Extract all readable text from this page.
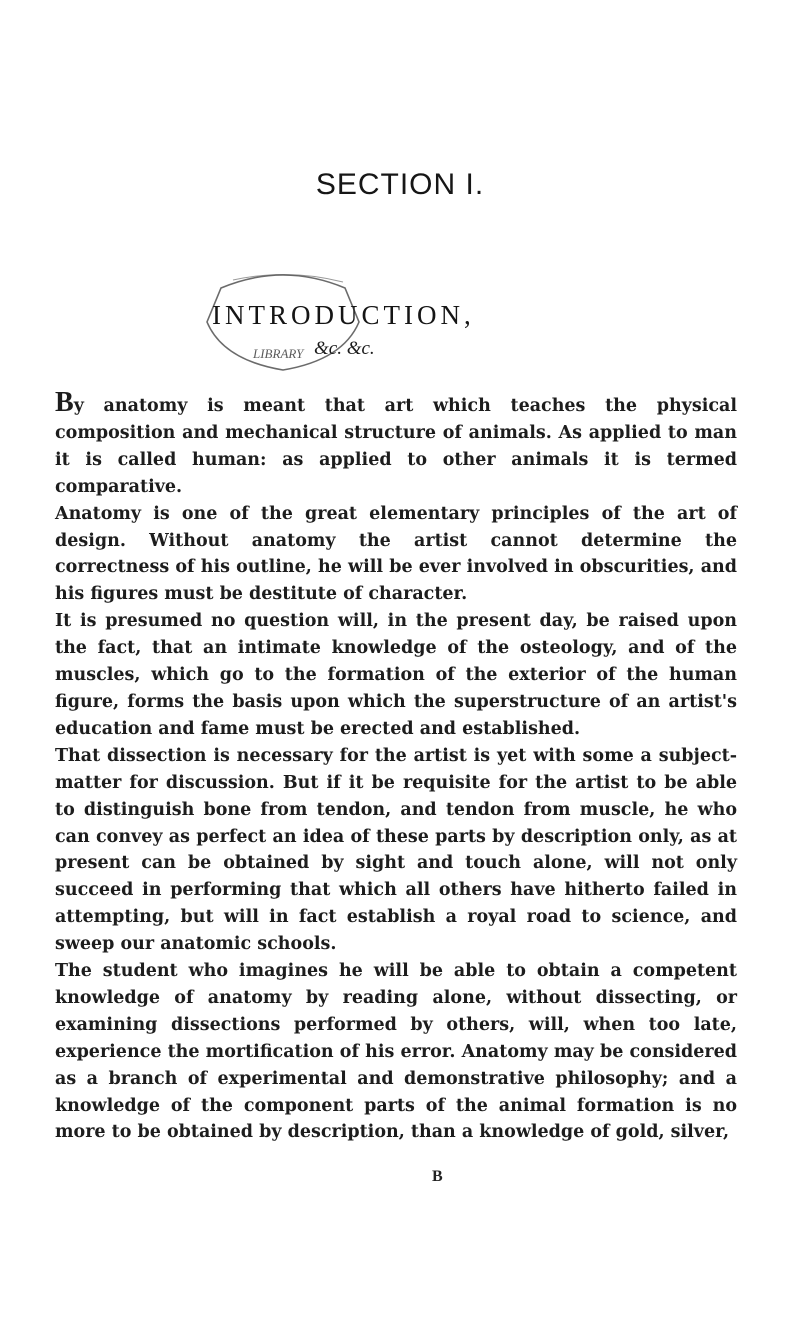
SECTION I.
LIBRARY
INTRODUCTION,
&c. &c.

By anatomy is meant that art which teaches the physical composition and mechanical structure of animals. As applied to man it is called human: as applied to other animals it is termed comparative.

Anatomy is one of the great elementary principles of the art of design. Without anatomy the artist cannot determine the correctness of his outline, he will be ever involved in obscurities, and his figures must be destitute of character.

It is presumed no question will, in the present day, be raised upon the fact, that an intimate knowledge of the osteology, and of the muscles, which go to the formation of the exterior of the human figure, forms the basis upon which the superstructure of an artist's education and fame must be erected and established.

That dissection is necessary for the artist is yet with some a subject-matter for discussion. But if it be requisite for the artist to be able to distinguish bone from tendon, and tendon from muscle, he who can convey as perfect an idea of these parts by description only, as at present can be obtained by sight and touch alone, will not only succeed in performing that which all others have hitherto failed in attempting, but will in fact establish a royal road to science, and sweep our anatomic schools.

The student who imagines he will be able to obtain a competent knowledge of anatomy by reading alone, without dissecting, or examining dissections performed by others, will, when too late, experience the mortification of his error. Anatomy may be considered as a branch of experimental and demonstrative philosophy; and a knowledge of the component parts of the animal formation is no more to be obtained by description, than a knowledge of gold, silver,

B
